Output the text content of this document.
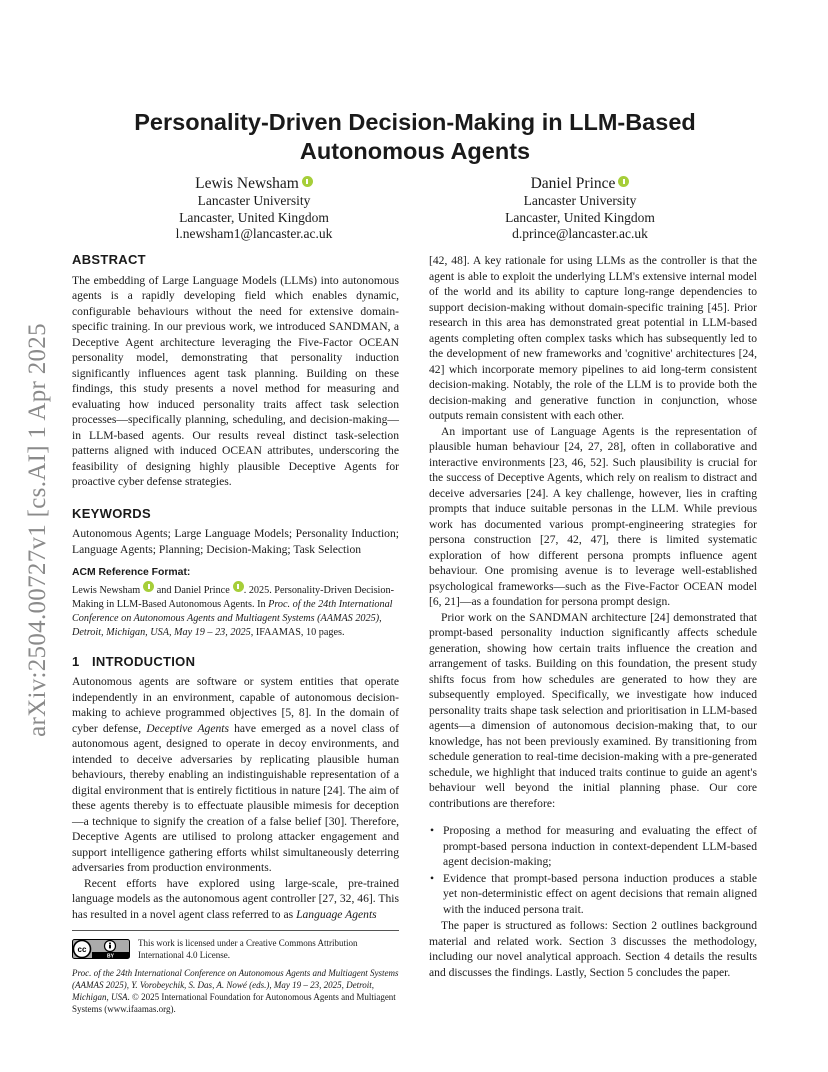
arXiv:2504.00727v1 [cs.AI] 1 Apr 2025
Personality-Driven Decision-Making in LLM-Based Autonomous Agents
Lewis Newsham
Lancaster University
Lancaster, United Kingdom
l.newsham1@lancaster.ac.uk
Daniel Prince
Lancaster University
Lancaster, United Kingdom
d.prince@lancaster.ac.uk
ABSTRACT

The embedding of Large Language Models (LLMs) into autonomous agents is a rapidly developing field which enables dynamic, configurable behaviours without the need for extensive domain-specific training. In our previous work, we introduced SANDMAN, a Deceptive Agent architecture leveraging the Five-Factor OCEAN personality model, demonstrating that personality induction significantly influences agent task planning. Building on these findings, this study presents a novel method for measuring and evaluating how induced personality traits affect task selection processes—specifically planning, scheduling, and decision-making—in LLM-based agents. Our results reveal distinct task-selection patterns aligned with induced OCEAN attributes, underscoring the feasibility of designing highly plausible Deceptive Agents for proactive cyber defense strategies.

KEYWORDS

Autonomous Agents; Large Language Models; Personality Induction; Language Agents; Planning; Decision-Making; Task Selection

ACM Reference Format:

Lewis Newsham and Daniel Prince . 2025. Personality-Driven Decision-Making in LLM-Based Autonomous Agents. In Proc. of the 24th International Conference on Autonomous Agents and Multiagent Systems (AAMAS 2025), Detroit, Michigan, USA, May 19 – 23, 2025, IFAAMAS, 10 pages.

1 INTRODUCTION

Autonomous agents are software or system entities that operate independently in an environment, capable of autonomous decision-making to achieve programmed objectives [5, 8]. In the domain of cyber defense, Deceptive Agents have emerged as a novel class of autonomous agent, designed to operate in decoy environments, and intended to deceive adversaries by replicating plausible human behaviours, thereby enabling an indistinguishable representation of a digital environment that is entirely fictitious in nature [24]. The aim of these agents thereby is to effectuate plausible mimesis for deception—a technique to signify the creation of a false belief [30]. Therefore, Deceptive Agents are utilised to prolong attacker engagement and support intelligence gathering efforts whilst simultaneously deterring adversaries from production environments.

Recent efforts have explored using large-scale, pre-trained language models as the autonomous agent controller [27, 32, 46]. This has resulted in a novel agent class referred to as Language Agents

cc
BY
This work is licensed under a Creative Commons Attribution International 4.0 License.

Proc. of the 24th International Conference on Autonomous Agents and Multiagent Systems (AAMAS 2025), Y. Vorobeychik, S. Das, A. Nowé (eds.), May 19 – 23, 2025, Detroit, Michigan, USA. © 2025 International Foundation for Autonomous Agents and Multiagent Systems (www.ifaamas.org).

[42, 48]. A key rationale for using LLMs as the controller is that the agent is able to exploit the underlying LLM's extensive internal model of the world and its ability to capture long-range dependencies to support decision-making without domain-specific training [45]. Prior research in this area has demonstrated great potential in LLM-based agents completing often complex tasks which has subsequently led to the development of new frameworks and 'cognitive' architectures [24, 42] which incorporate memory pipelines to aid long-term consistent decision-making. Notably, the role of the LLM is to provide both the decision-making and generative function in conjunction, whose outputs remain consistent with each other.

An important use of Language Agents is the representation of plausible human behaviour [24, 27, 28], often in collaborative and interactive environments [23, 46, 52]. Such plausibility is crucial for the success of Deceptive Agents, which rely on realism to distract and deceive adversaries [24]. A key challenge, however, lies in crafting prompts that induce suitable personas in the LLM. While previous work has documented various prompt-engineering strategies for persona construction [27, 42, 47], there is limited systematic exploration of how different persona prompts influence agent behaviour. One promising avenue is to leverage well-established psychological frameworks—such as the Five-Factor OCEAN model [6, 21]—as a foundation for persona prompt design.

Prior work on the SANDMAN architecture [24] demonstrated that prompt-based personality induction significantly affects schedule generation, showing how certain traits influence the creation and arrangement of tasks. Building on this foundation, the present study shifts focus from how schedules are generated to how they are subsequently employed. Specifically, we investigate how induced personality traits shape task selection and prioritisation in LLM-based agents—a dimension of autonomous decision-making that, to our knowledge, has not been previously examined. By transitioning from schedule generation to real-time decision-making with a pre-generated schedule, we highlight that induced traits continue to guide an agent's behaviour well beyond the initial planning phase. Our core contributions are therefore:

• Proposing a method for measuring and evaluating the effect of prompt-based persona induction in context-dependent LLM-based agent decision-making;
• Evidence that prompt-based persona induction produces a stable yet non-deterministic effect on agent decisions that remain aligned with the induced persona trait.

The paper is structured as follows: Section 2 outlines background material and related work. Section 3 discusses the methodology, including our novel analytical approach. Section 4 details the results and discusses the findings. Lastly, Section 5 concludes the paper.
